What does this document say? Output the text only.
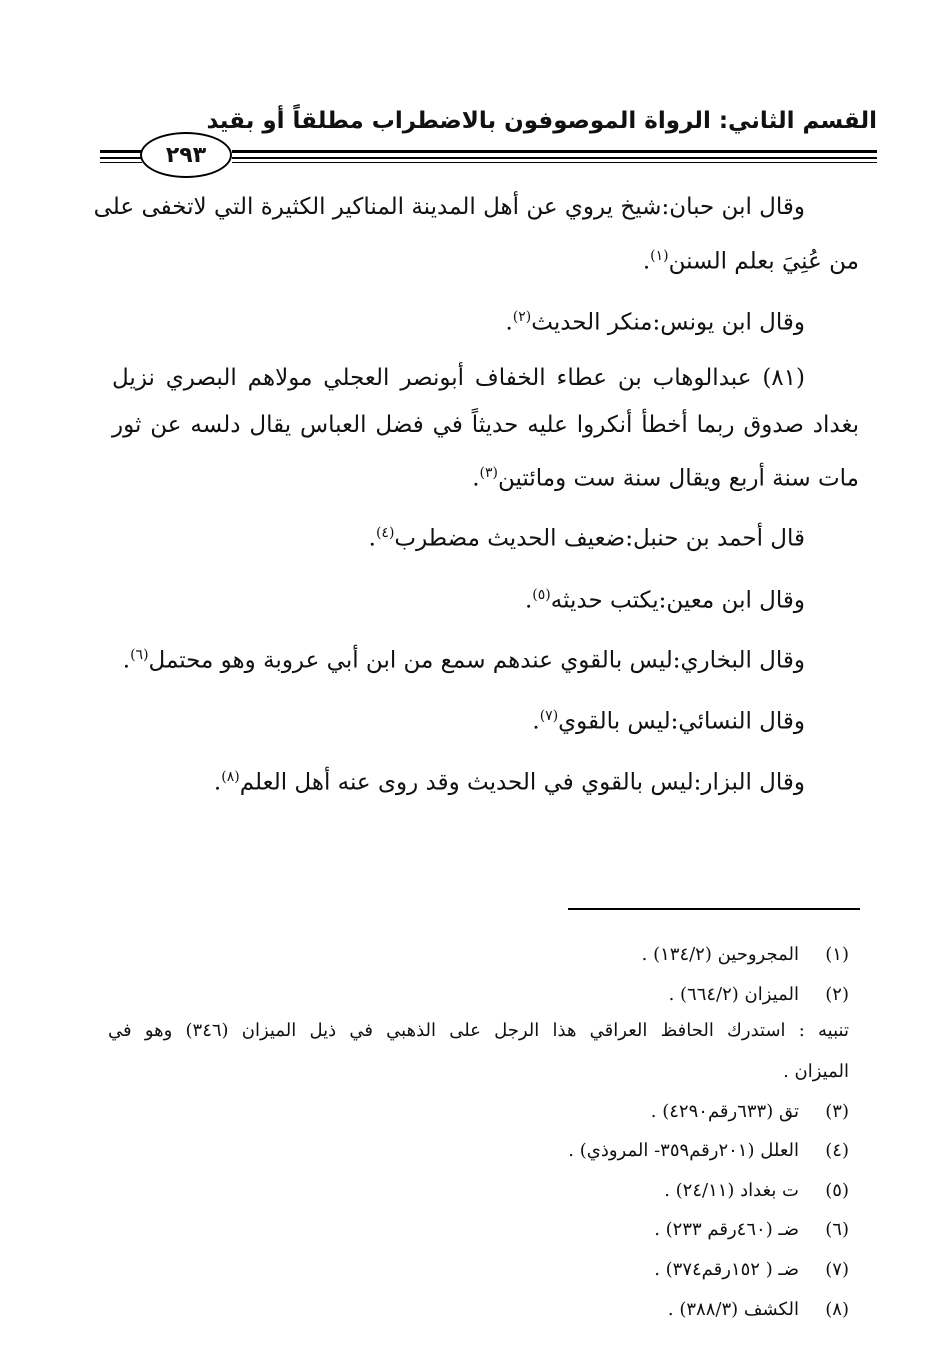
القسم الثاني: الرواة الموصوفون بالاضطراب مطلقاً أو بقيد
٢٩٣
وقال ابن حبان:شيخ يروي عن أهل المدينة المناكير الكثيرة التي لاتخفى على
من عُنِيَ بعلم السنن$^{(١)}$.
وقال ابن يونس:منكر الحديث$^{(٢)}$.
(٨١) عبدالوهاب بن عطاء الخفاف أبونصر العجلي مولاهم البصري نزيل
بغداد صدوق ربما أخطأ أنكروا عليه حديثاً في فضل العباس يقال دلسه عن ثور
مات سنة أربع ويقال سنة ست ومائتين$^{(٣)}$.
قال أحمد بن حنبل:ضعيف الحديث مضطرب$^{(٤)}$.
وقال ابن معين:يكتب حديثه$^{(٥)}$.
وقال البخاري:ليس بالقوي عندهم سمع من ابن أبي عروبة وهو محتمل$^{(٦)}$.
وقال النسائي:ليس بالقوي$^{(٧)}$.
وقال البزار:ليس بالقوي في الحديث وقد روى عنه أهل العلم$^{(٨)}$.
(١)
المجروحين (١٣٤/٢) .
(٢)
الميزان (٦٦٤/٢) .
تنبيه : استدرك الحافظ العراقي هذا الرجل على الذهبي في ذيل الميزان (٣٤٦) وهو في
الميزان .
(٣)
تق (٦٣٣رقم٤٢٩٠) .
(٤)
العلل (٢٠١رقم٣٥٩- المروذي) .
(٥)
ت بغداد (٢٤/١١) .
(٦)
ضـ (٤٦٠رقم ٢٣٣) .
(٧)
ضـ ( ١٥٢رقم٣٧٤) .
(٨)
الكشف (٣٨٨/٣) .
